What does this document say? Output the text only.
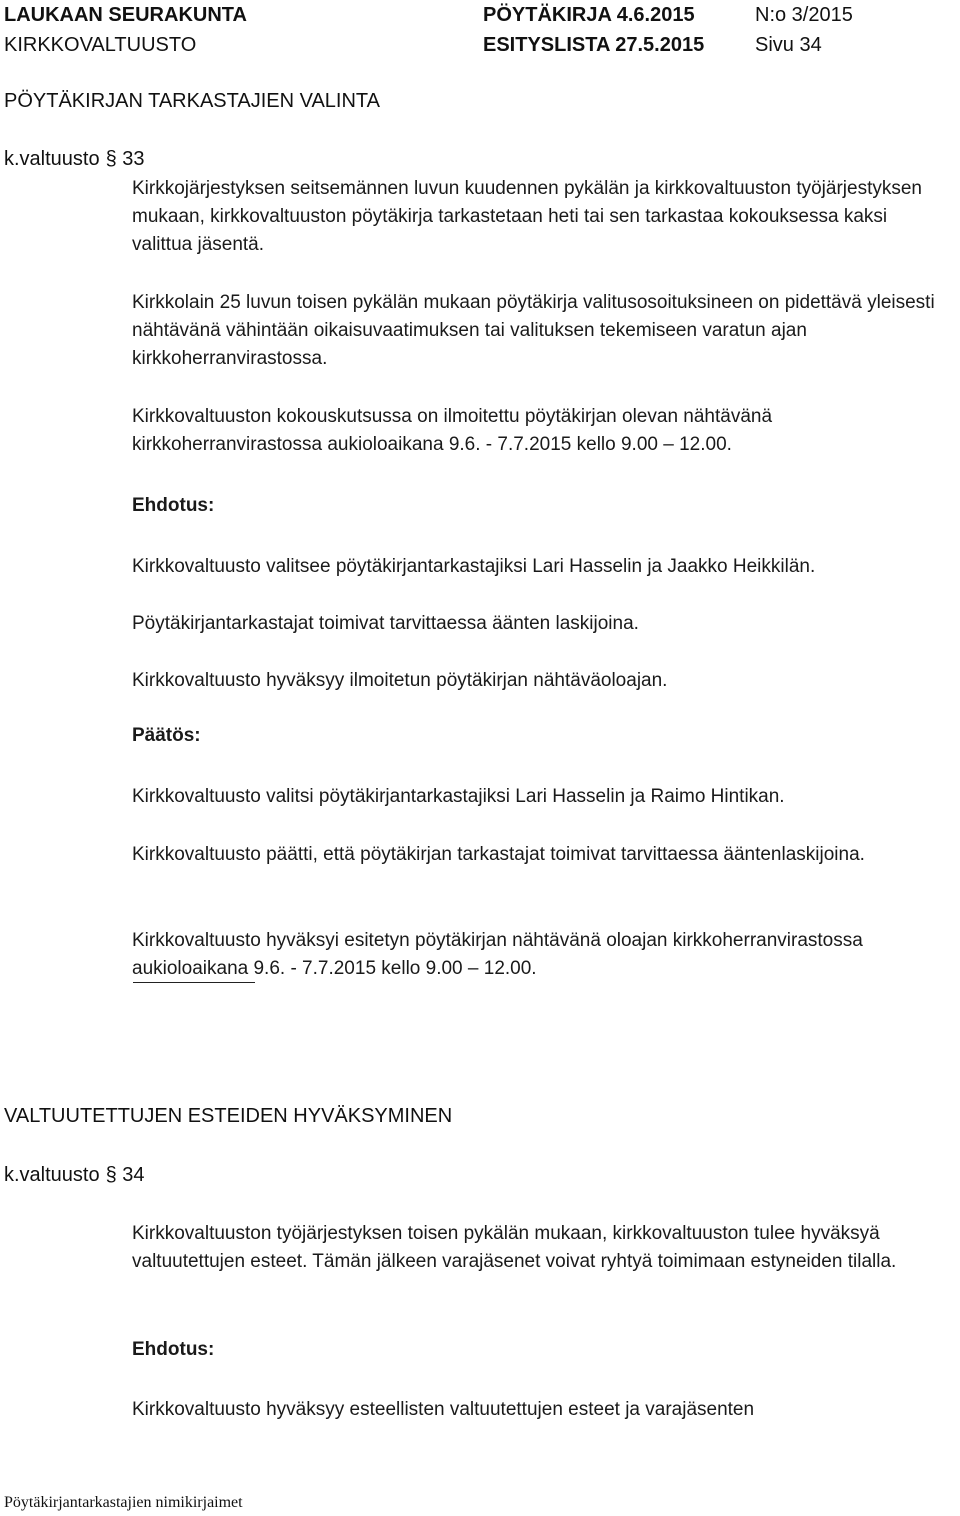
LAUKAAN SEURAKUNTA
KIRKKOVALTUUSTO
PÖYTÄKIRJA 4.6.2015
ESITYSLISTA 27.5.2015
N:o 3/2015
Sivu 34
PÖYTÄKIRJAN TARKASTAJIEN VALINTA
k.valtuusto § 33
Kirkkojärjestyksen seitsemännen luvun kuudennen pykälän ja kirkkovaltuuston työjärjestyksen mukaan, kirkkovaltuuston pöytäkirja tarkastetaan heti tai sen tarkastaa kokouksessa kaksi valittua jäsentä.
Kirkkolain 25 luvun toisen pykälän mukaan pöytäkirja valitusosoituksineen on pidettävä yleisesti nähtävänä vähintään oikaisuvaatimuksen tai valituksen tekemiseen varatun ajan kirkkoherranvirastossa.
Kirkkovaltuuston kokouskutsussa on ilmoitettu pöytäkirjan olevan nähtävänä kirkkoherranvirastossa aukioloaikana 9.6. - 7.7.2015 kello 9.00 – 12.00.
Ehdotus:
Kirkkovaltuusto valitsee pöytäkirjantarkastajiksi Lari Hasselin ja Jaakko Heikkilän.
Pöytäkirjantarkastajat toimivat tarvittaessa äänten laskijoina.
Kirkkovaltuusto hyväksyy ilmoitetun pöytäkirjan nähtäväoloajan.
Päätös:
Kirkkovaltuusto valitsi pöytäkirjantarkastajiksi Lari Hasselin ja Raimo Hintikan.
Kirkkovaltuusto päätti, että pöytäkirjan tarkastajat toimivat tarvittaessa ääntenlaskijoina.
Kirkkovaltuusto hyväksyi esitetyn pöytäkirjan nähtävänä oloajan kirkkoherranvirastossa aukioloaikana 9.6. - 7.7.2015 kello 9.00 – 12.00.
VALTUUTETTUJEN ESTEIDEN HYVÄKSYMINEN
k.valtuusto § 34
Kirkkovaltuuston työjärjestyksen toisen pykälän mukaan, kirkkovaltuuston tulee hyväksyä valtuutettujen esteet. Tämän jälkeen varajäsenet voivat ryhtyä toimimaan estyneiden tilalla.
Ehdotus:
Kirkkovaltuusto hyväksyy esteellisten valtuutettujen esteet ja varajäsenten
Pöytäkirjantarkastajien nimikirjaimet
